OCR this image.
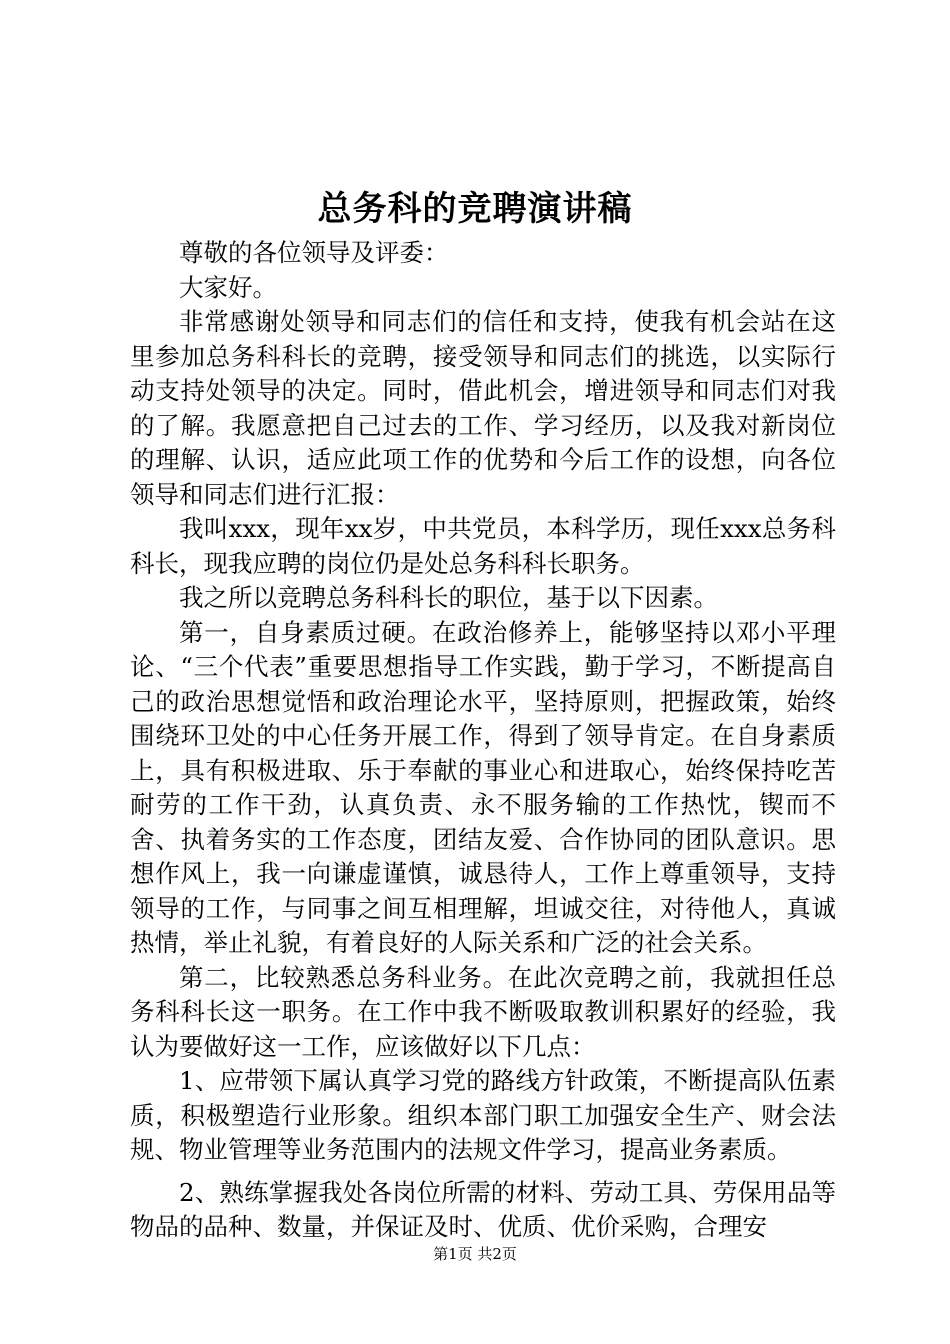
总务科的竞聘演讲稿

尊敬的各位领导及评委：

大家好。

非常感谢处领导和同志们的信任和支持，使我有机会站在这里参加总务科科长的竞聘，接受领导和同志们的挑选，以实际行动支持处领导的决定。同时，借此机会，增进领导和同志们对我的了解。我愿意把自己过去的工作、学习经历，以及我对新岗位的理解、认识，适应此项工作的优势和今后工作的设想，向各位领导和同志们进行汇报：

我叫xxx，现年xx岁，中共党员，本科学历，现任xxx总务科科长，现我应聘的岗位仍是处总务科科长职务。

我之所以竞聘总务科科长的职位，基于以下因素。

第一，自身素质过硬。在政治修养上，能够坚持以邓小平理论、“三个代表”重要思想指导工作实践，勤于学习，不断提高自己的政治思想觉悟和政治理论水平，坚持原则，把握政策，始终围绕环卫处的中心任务开展工作，得到了领导肯定。在自身素质上，具有积极进取、乐于奉献的事业心和进取心，始终保持吃苦耐劳的工作干劲，认真负责、永不服务输的工作热忱，锲而不舍、执着务实的工作态度，团结友爱、合作协同的团队意识。思想作风上，我一向谦虚谨慎，诚恳待人，工作上尊重领导，支持领导的工作，与同事之间互相理解，坦诚交往，对待他人，真诚热情，举止礼貌，有着良好的人际关系和广泛的社会关系。

第二，比较熟悉总务科业务。在此次竞聘之前，我就担任总务科科长这一职务。在工作中我不断吸取教训积累好的经验，我认为要做好这一工作，应该做好以下几点：

1、应带领下属认真学习党的路线方针政策，不断提高队伍素质，积极塑造行业形象。组织本部门职工加强安全生产、财会法规、物业管理等业务范围内的法规文件学习，提高业务素质。

2、熟练掌握我处各岗位所需的材料、劳动工具、劳保用品等物品的品种、数量，并保证及时、优质、优价采购，合理安

第1页 共2页
